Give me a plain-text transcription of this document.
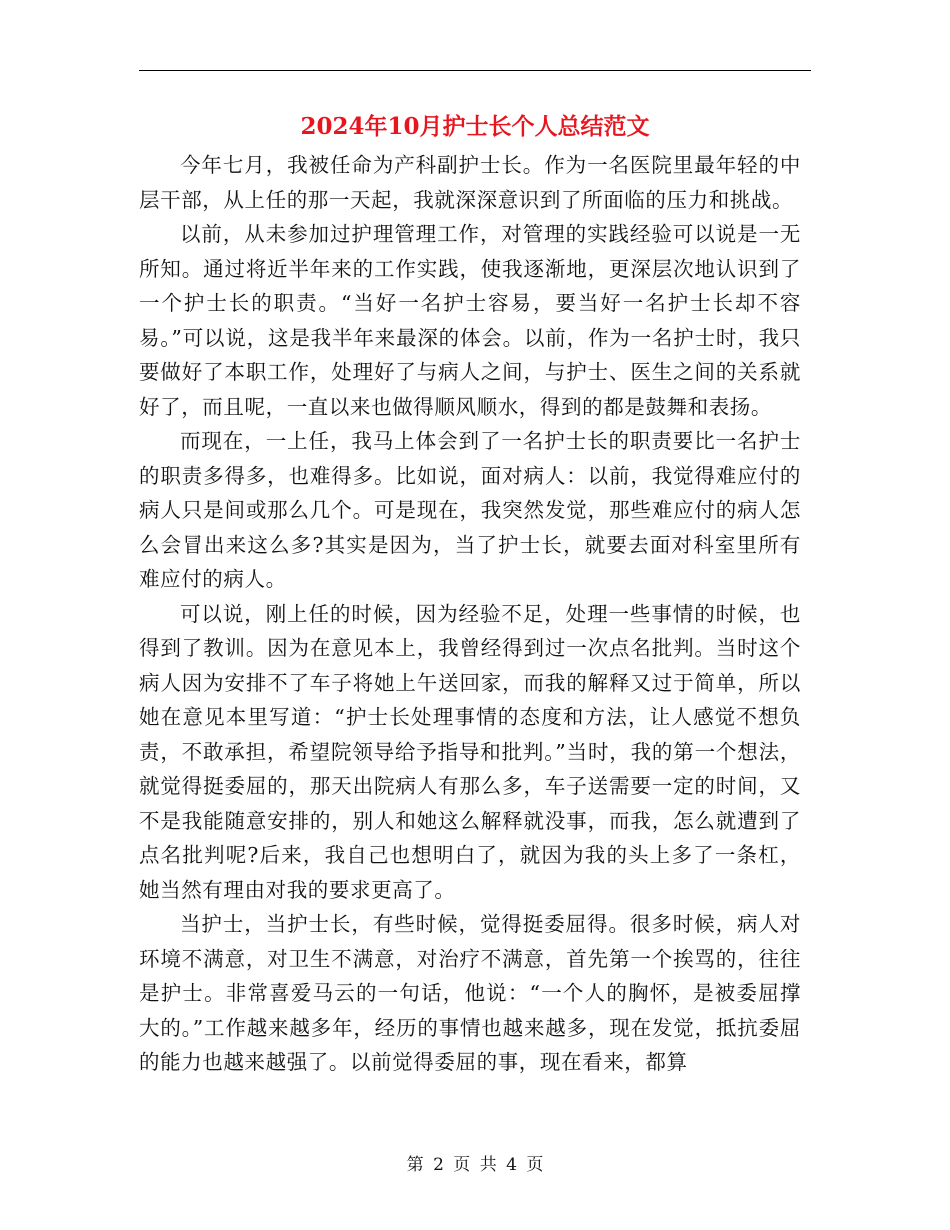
2024年10月护士长个人总结范文

今年七月，我被任命为产科副护士长。作为一名医院里最年轻的中层干部，从上任的那一天起，我就深深意识到了所面临的压力和挑战。

以前，从未参加过护理管理工作，对管理的实践经验可以说是一无所知。通过将近半年来的工作实践，使我逐渐地，更深层次地认识到了一个护士长的职责。“当好一名护士容易，要当好一名护士长却不容易。”可以说，这是我半年来最深的体会。以前，作为一名护士时，我只要做好了本职工作，处理好了与病人之间，与护士、医生之间的关系就好了，而且呢，一直以来也做得顺风顺水，得到的都是鼓舞和表扬。

而现在，一上任，我马上体会到了一名护士长的职责要比一名护士的职责多得多，也难得多。比如说，面对病人：以前，我觉得难应付的病人只是间或那么几个。可是现在，我突然发觉，那些难应付的病人怎么会冒出来这么多?其实是因为，当了护士长，就要去面对科室里所有难应付的病人。

可以说，刚上任的时候，因为经验不足，处理一些事情的时候，也得到了教训。因为在意见本上，我曾经得到过一次点名批判。当时这个病人因为安排不了车子将她上午送回家，而我的解释又过于简单，所以她在意见本里写道：“护士长处理事情的态度和方法，让人感觉不想负责，不敢承担，希望院领导给予指导和批判。”当时，我的第一个想法，就觉得挺委屈的，那天出院病人有那么多，车子送需要一定的时间，又不是我能随意安排的，别人和她这么解释就没事，而我，怎么就遭到了点名批判呢?后来，我自己也想明白了，就因为我的头上多了一条杠，她当然有理由对我的要求更高了。

当护士，当护士长，有些时候，觉得挺委屈得。很多时候，病人对环境不满意，对卫生不满意，对治疗不满意，首先第一个挨骂的，往往是护士。非常喜爱马云的一句话，他说：“一个人的胸怀，是被委屈撑大的。”工作越来越多年，经历的事情也越来越多，现在发觉，抵抗委屈的能力也越来越强了。以前觉得委屈的事，现在看来，都算

第 2 页 共 4 页
